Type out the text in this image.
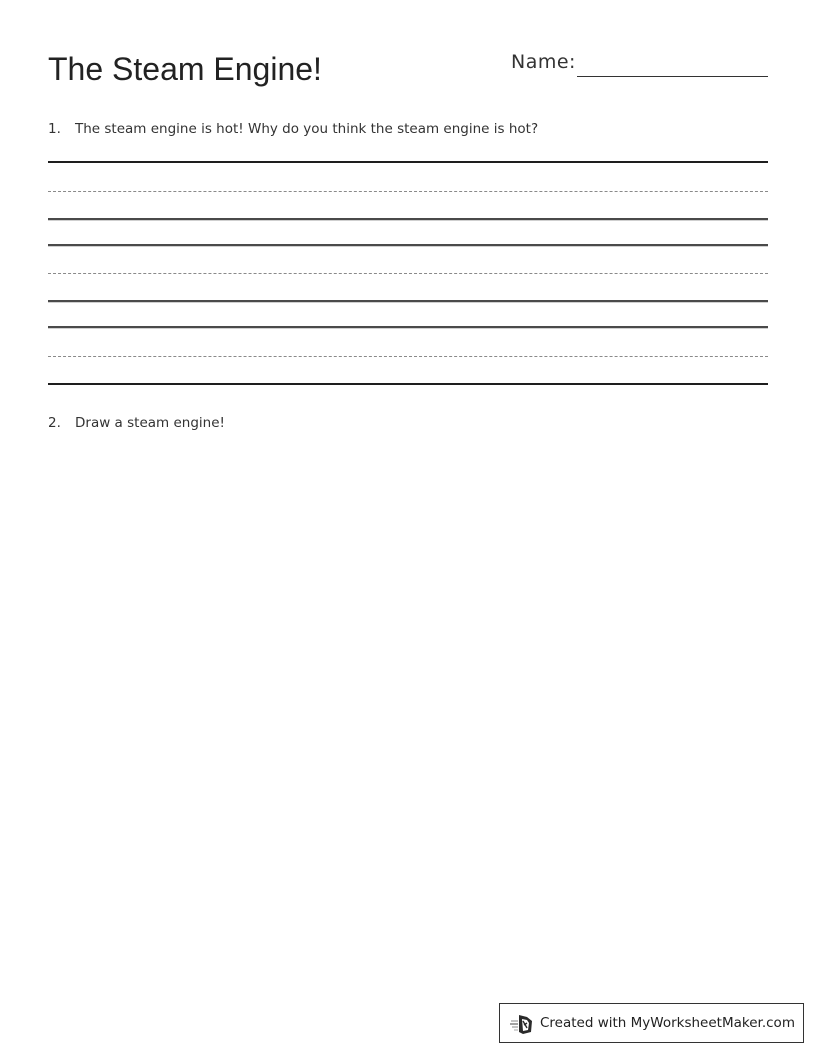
The Steam Engine!	Name:
1. The steam engine is hot! Why do you think the steam engine is hot?
2. Draw a steam engine!
Created with MyWorksheetMaker.com
